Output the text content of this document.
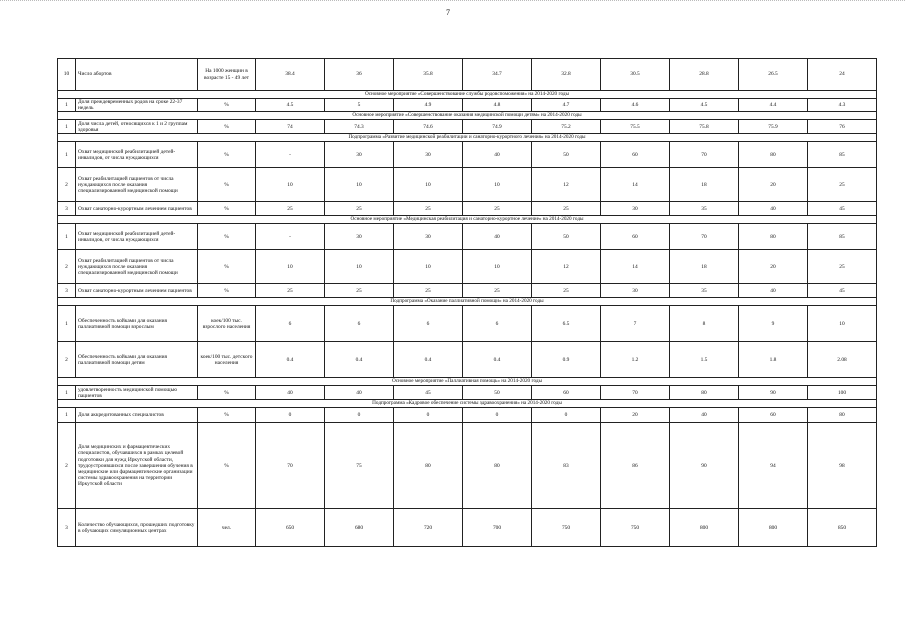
7
10	Число абортов	На 1000 женщин в возрасте 15 - 49 лет	38.4	36	35.8	34.7	32.8	30.5	28.8	26.5	24
Основное мероприятие «Совершенствование службы родовспоможения» на 2014-2020 годы											
1	Доля преждевременных родов на сроке 22-37 недель	%	4.5	5	4.9	4.8	4.7	4.6	4.5	4.4	4.3
Основное мероприятие «Совершенствование оказания медицинской помощи детям» на 2014-2020 годы											
1	Доля числа детей, относящихся к 1 и 2 группам здоровья	%	74	74.3	74.6	74.9	75.2	75.5	75.8	75.9	76
Подпрограмма «Развитие медицинской реабилитации и санаторно-курортного лечения» на 2014-2020 годы											
1	Охват медицинской реабилитацией детей-инвалидов, от числа нуждающихся	%	-	30	30	40	50	60	70	80	85
2	Охват реабилитацией пациентов от числа нуждающихся после оказания специализированной медицинской помощи	%	10	10	10	10	12	14	18	20	25
3	Охват санаторно-курортным лечением пациентов	%	25	25	25	25	25	30	35	40	45
Основное мероприятие «Медицинская реабилитация и санаторно-курортное лечение» на 2014-2020 годы											
1	Охват медицинской реабилитацией детей-инвалидов, от числа нуждающихся	%	-	30	30	40	50	60	70	80	85
2	Охват реабилитацией пациентов от числа нуждающихся после оказания специализированной медицинской помощи	%	10	10	10	10	12	14	18	20	25
3	Охват санаторно-курортным лечением пациентов	%	25	25	25	25	25	30	35	40	45
Подпрограмма «Оказание паллиативной помощи» на 2014-2020 годы											
1	Обеспеченность койками для оказания паллиативной помощи взрослым	коек/100 тыс. взрослого населения	6	6	6	6	6.5	7	8	9	10
2	Обеспеченность койками для оказания паллиативной помощи детям	коек/100 тыс. детского населения	0.4	0.4	0.4	0.4	0.9	1.2	1.5	1.8	2.08
Основное мероприятие «Паллиативная помощь» на 2014-2020 годы											
1	удовлетворенность медицинской помощью пациентов	%	40	40	45	50	60	70	80	90	100
Подпрограмма «Кадровое обеспечение системы здравоохранения» на 2014-2020 годы											
1	Доля аккредитованных специалистов	%	0	0	0	0	0	20	40	60	80
2	Доля медицинских и фармацевтических специалистов, обучавшихся в рамках целевой подготовки для нужд Иркутской области, трудоустроившихся после завершения обучения в медицинские или фармацевтические организации системы здравоохранения на территории Иркутской области	%	70	75	80	80	83	86	90	94	98
3	Количество обучающихся, прошедших подготовку в обучающих симуляционных центрах	чел.	650	680	720	700	750	750	800	800	850
